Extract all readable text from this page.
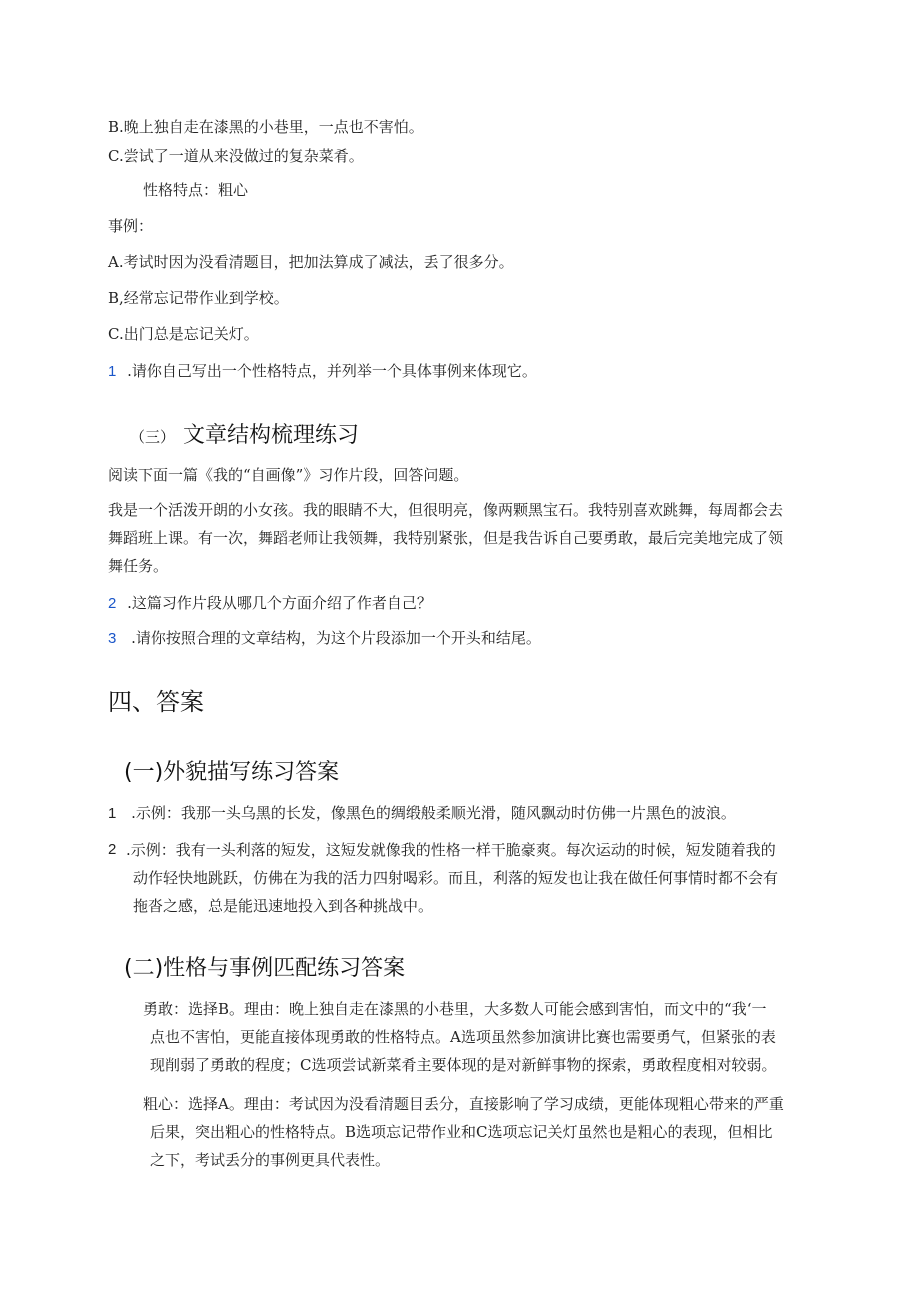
B.晚上独自走在漆黑的小巷里，一点也不害怕。
C.尝试了一道从来没做过的复杂菜肴。
性格特点：粗心
事例：
A.考试时因为没看清题目，把加法算成了减法，丢了很多分。
B,经常忘记带作业到学校。
C.出门总是忘记关灯。
1 .请你自己写出一个性格特点，并列举一个具体事例来体现它。
（三） 文章结构梳理练习
阅读下面一篇《我的“自画像”》习作片段，回答问题。
我是一个活泼开朗的小女孩。我的眼睛不大，但很明亮，像两颗黑宝石。我特别喜欢跳舞，每周都会去
舞蹈班上课。有一次，舞蹈老师让我领舞，我特别紧张，但是我告诉自己要勇敢，最后完美地完成了领
舞任务。
2 .这篇习作片段从哪几个方面介绍了作者自己？
3 .请你按照合理的文章结构，为这个片段添加一个开头和结尾。
四、答案
(一)外貌描写练习答案
1 .示例：我那一头乌黑的长发，像黑色的绸缎般柔顺光滑，随风飘动时仿佛一片黑色的波浪。
2 .示例：我有一头利落的短发，这短发就像我的性格一样干脆豪爽。每次运动的时候，短发随着我的
动作轻快地跳跃，仿佛在为我的活力四射喝彩。而且，利落的短发也让我在做任何事情时都不会有
拖沓之感，总是能迅速地投入到各种挑战中。
(二)性格与事例匹配练习答案
勇敢：选择B。理由：晚上独自走在漆黑的小巷里，大多数人可能会感到害怕，而文中的“我‘一
点也不害怕，更能直接体现勇敢的性格特点。A选项虽然参加演讲比赛也需要勇气，但紧张的表
现削弱了勇敢的程度；C选项尝试新菜肴主要体现的是对新鲜事物的探索，勇敢程度相对较弱。
粗心：选择A。理由：考试因为没看清题目丢分，直接影响了学习成绩，更能体现粗心带来的严重
后果，突出粗心的性格特点。B选项忘记带作业和C选项忘记关灯虽然也是粗心的表现，但相比
之下，考试丢分的事例更具代表性。
